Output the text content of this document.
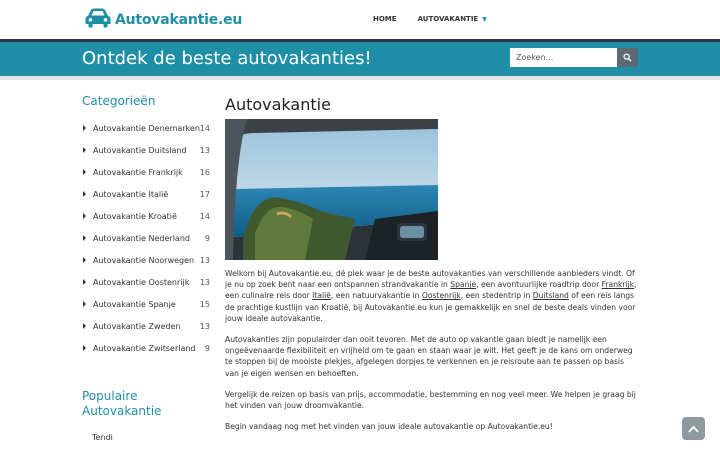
Autovakantie.eu	HOME	AUTOVAKANTIE ▼
Ontdek de beste autovakanties!
Zoeken...
Categorieën
Autovakantie Denemarken 14
Autovakantie Duitsland 13
Autovakantie Frankrijk 16
Autovakantie Italië	17
Autovakantie Kroatië	14
Autovakantie Nederland 9
Autovakantie Noorwegen 13
Autovakantie Oostenrijk 13
Autovakantie Spanje	15
Autovakantie Zweden 13
Autovakantie Zwitserland 9
Populaire Autovakantie
Tendi
Autovakantie

Welkom bij Autovakantie.eu, dé plek waar je de beste autovakanties van verschillende aanbieders vindt. Of je nu op zoek bent naar een ontspannen strandvakantie in Spanje, een avontuurlijke roadtrip door Frankrijk, een culinaire reis door Italië, een natuurvakantie in Oostenrijk, een stedentrip in Duitsland of een reis langs de prachtige kustlijn van Kroatië, bij Autovakantie.eu kun je gemakkelijk en snel de beste deals vinden voor jouw ideale autovakantie.

Autovakanties zijn populairder dan ooit tevoren. Met de auto op vakantie gaan biedt je namelijk een ongeëvenaarde flexibiliteit en vrijheid om te gaan en staan waar je wilt. Het geeft je de kans om onderweg te stoppen bij de mooiste plekjes, afgelegen dorpjes te verkennen en je reisroute aan te passen op basis van je eigen wensen en behoeften.

Vergelijk de reizen op basis van prijs, accommodatie, bestemming en nog veel meer. We helpen je graag bij het vinden van jouw droomvakantie.

Begin vandaag nog met het vinden van jouw ideale autovakantie op Autovakantie.eu!
